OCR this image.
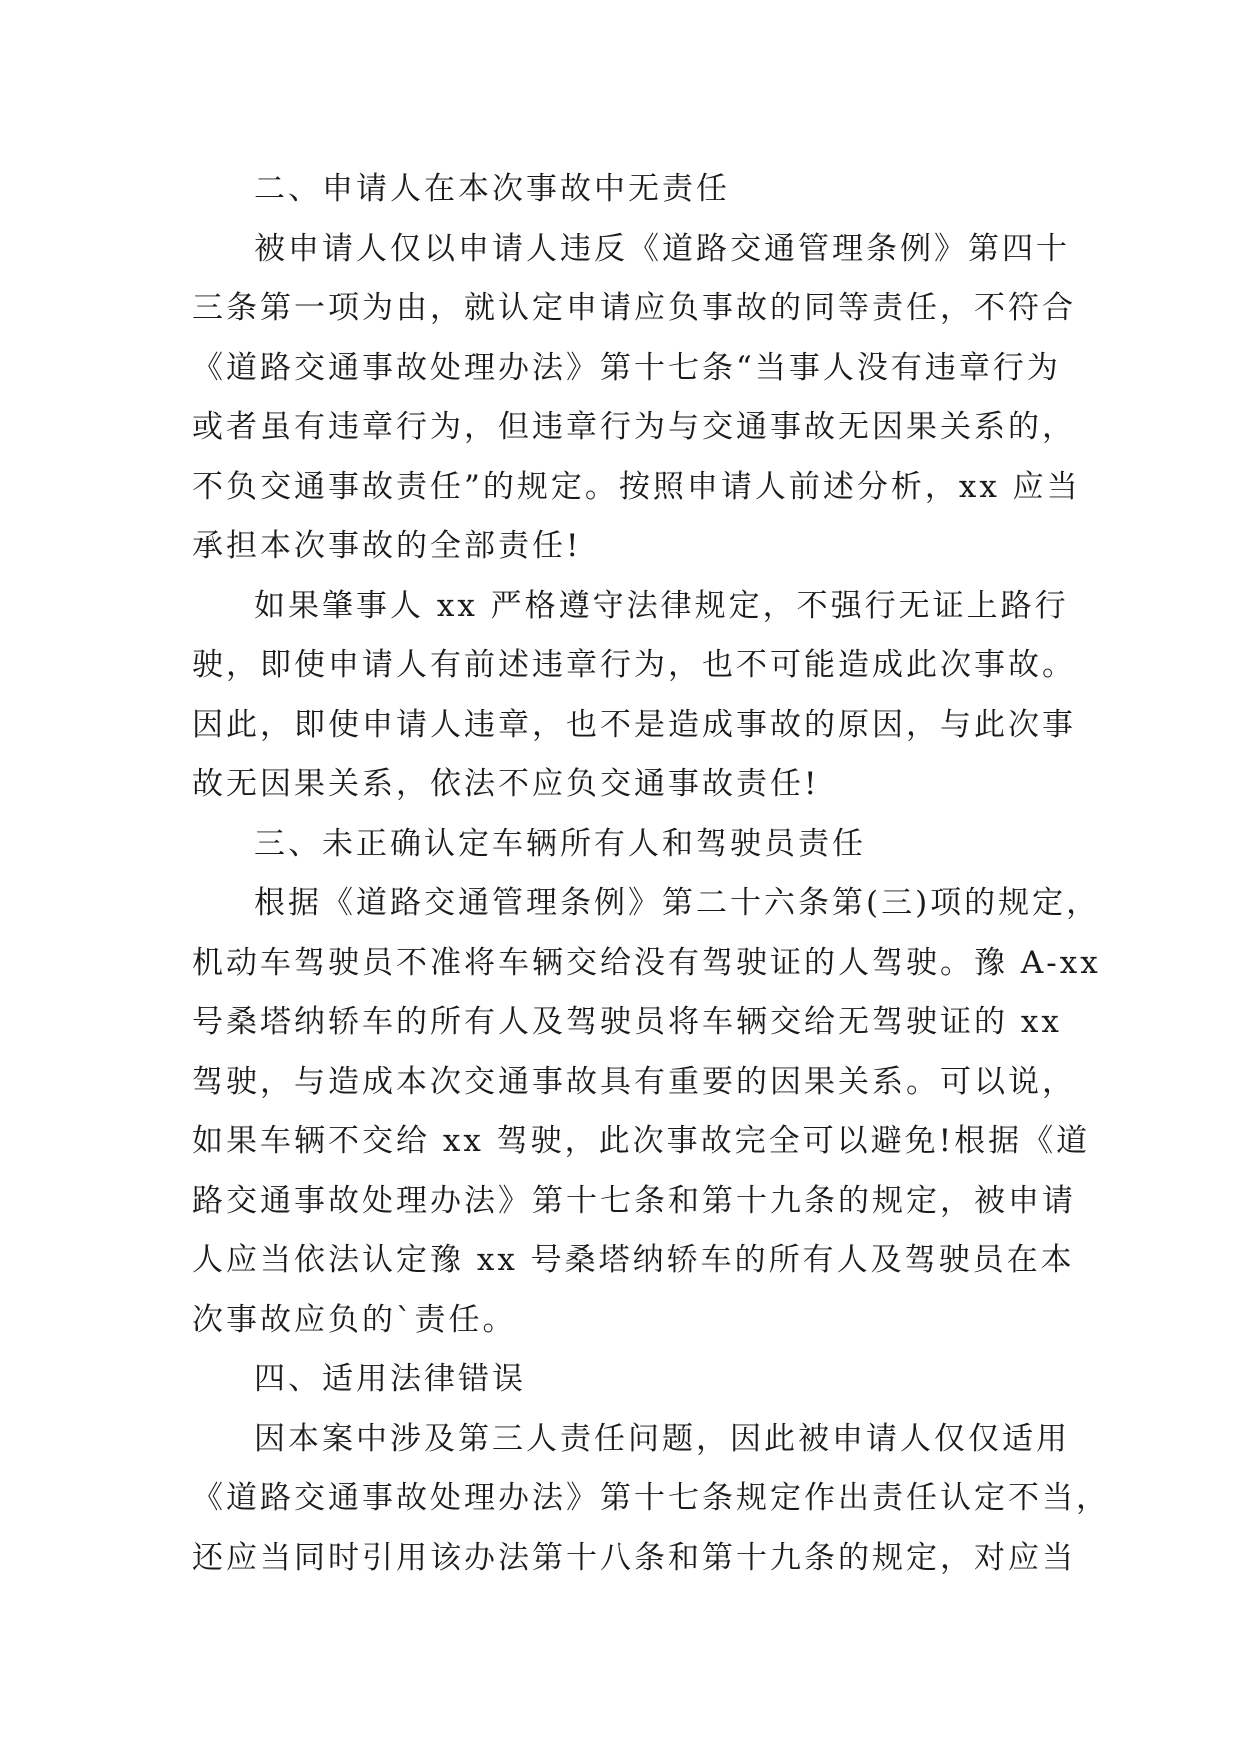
二、申请人在本次事故中无责任
被申请人仅以申请人违反《道路交通管理条例》第四十
三条第一项为由，就认定申请应负事故的同等责任，不符合
《道路交通事故处理办法》第十七条“当事人没有违章行为
或者虽有违章行为，但违章行为与交通事故无因果关系的，
不负交通事故责任”的规定。按照申请人前述分析，xx 应当
承担本次事故的全部责任!
如果肇事人 xx 严格遵守法律规定，不强行无证上路行
驶，即使申请人有前述违章行为，也不可能造成此次事故。
因此，即使申请人违章，也不是造成事故的原因，与此次事
故无因果关系，依法不应负交通事故责任!
三、未正确认定车辆所有人和驾驶员责任
根据《道路交通管理条例》第二十六条第(三)项的规定，
机动车驾驶员不准将车辆交给没有驾驶证的人驾驶。豫 A-xx
号桑塔纳轿车的所有人及驾驶员将车辆交给无驾驶证的 xx
驾驶，与造成本次交通事故具有重要的因果关系。可以说，
如果车辆不交给 xx 驾驶，此次事故完全可以避免!根据《道
路交通事故处理办法》第十七条和第十九条的规定，被申请
人应当依法认定豫 xx 号桑塔纳轿车的所有人及驾驶员在本
次事故应负的`责任。
四、适用法律错误
因本案中涉及第三人责任问题，因此被申请人仅仅适用
《道路交通事故处理办法》第十七条规定作出责任认定不当，
还应当同时引用该办法第十八条和第十九条的规定，对应当
